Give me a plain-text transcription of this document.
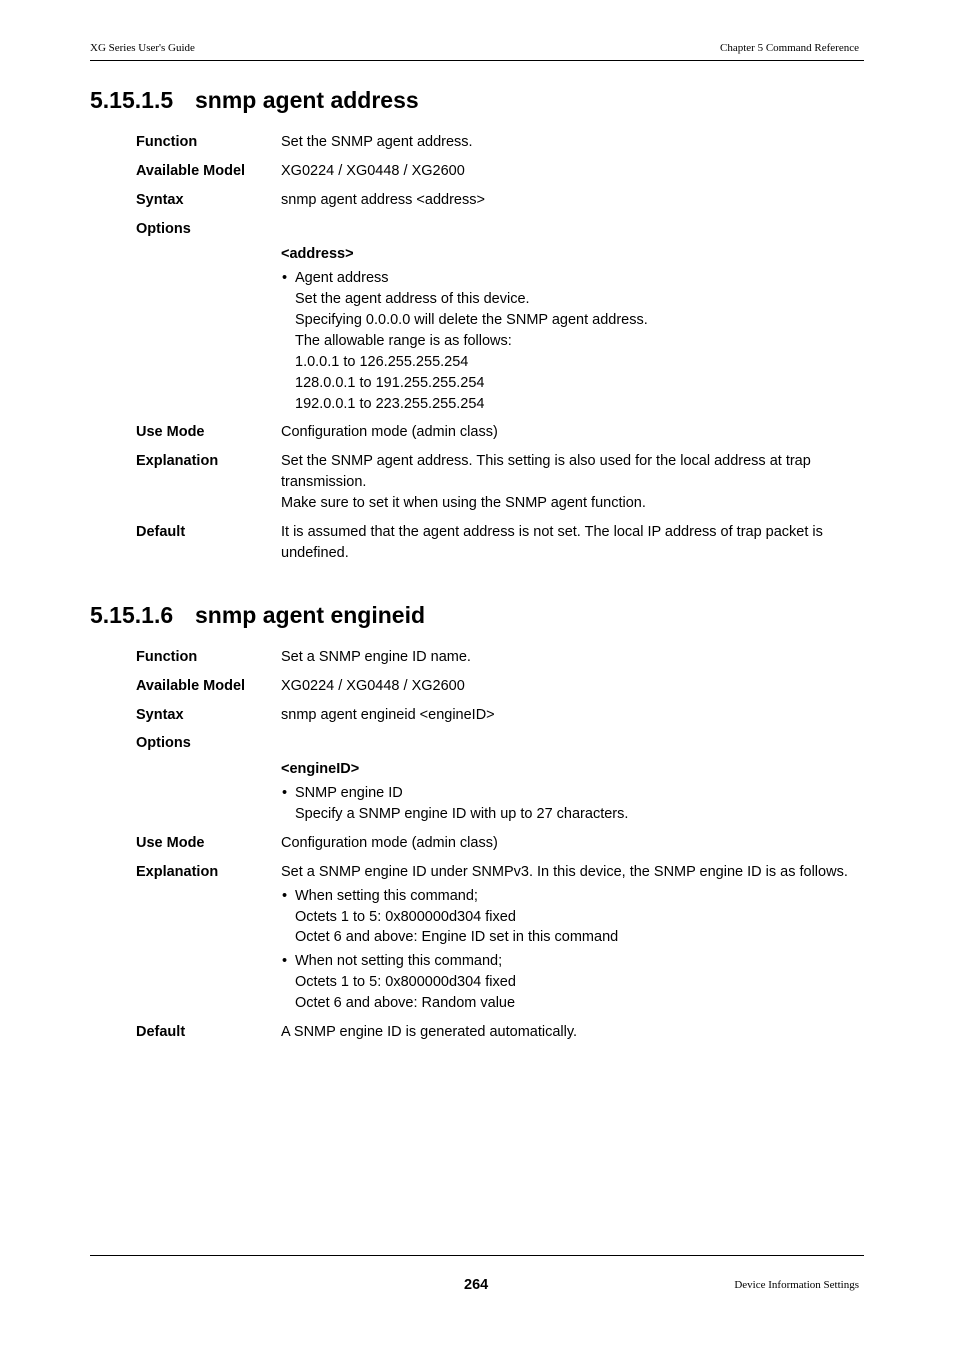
XG Series User's Guide	Chapter 5 Command Reference
5.15.1.5 snmp agent address
Function	Set the SNMP agent address.
Available Model XG0224 / XG0448 / XG2600
Syntax	snmp agent address <address>
Options
<address>
• Agent address
Set the agent address of this device.
Specifying 0.0.0.0 will delete the SNMP agent address.
The allowable range is as follows:
1.0.0.1 to 126.255.255.254
128.0.0.1 to 191.255.255.254
192.0.0.1 to 223.255.255.254
Use Mode	Configuration mode (admin class)
Explanation	Set the SNMP agent address. This setting is also used for the local address at trap transmission.
Make sure to set it when using the SNMP agent function.
Default	It is assumed that the agent address is not set. The local IP address of trap packet is undefined.
5.15.1.6 snmp agent engineid
Function	Set a SNMP engine ID name.
Available Model XG0224 / XG0448 / XG2600
Syntax	snmp agent engineid <engineID>
Options
<engineID>
• SNMP engine ID
Specify a SNMP engine ID with up to 27 characters.
Use Mode	Configuration mode (admin class)
Explanation	Set a SNMP engine ID under SNMPv3. In this device, the SNMP engine ID is as follows.
• When setting this command;
Octets 1 to 5: 0x800000d304 fixed
Octet 6 and above: Engine ID set in this command
• When not setting this command;
Octets 1 to 5: 0x800000d304 fixed
Octet 6 and above: Random value
Default	A SNMP engine ID is generated automatically.
264	Device Information Settings
